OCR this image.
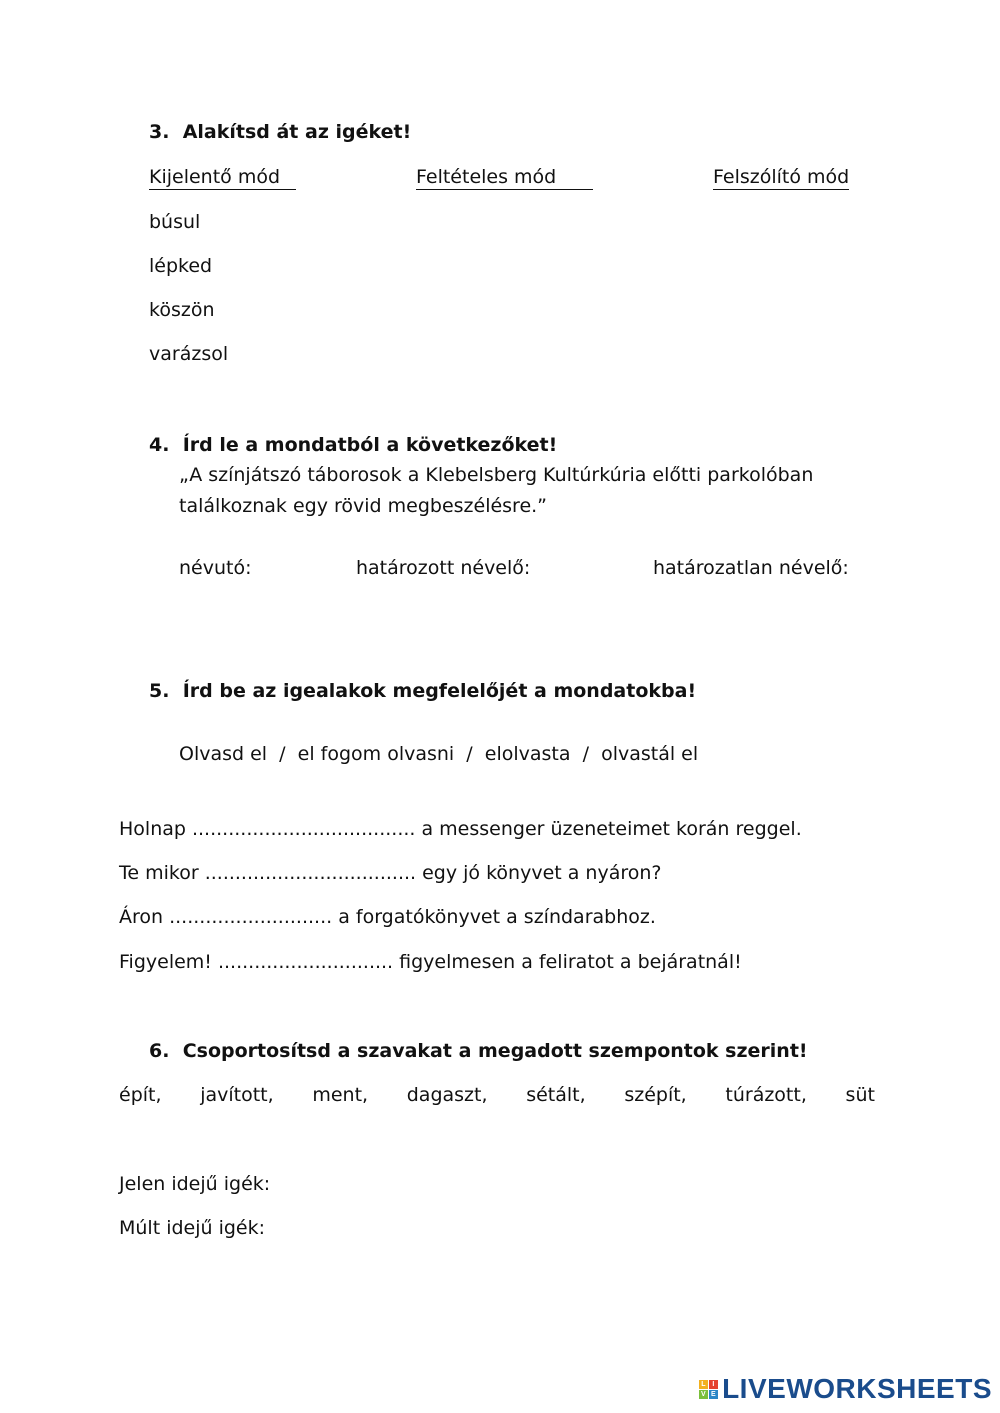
3. Alakítsd át az igéket!
Kijelentő mód	Feltételes mód	Felszólító mód
búsul
lépked
köszön
varázsol
4. Írd le a mondatból a következőket!
„A színjátszó táborosok a Klebelsberg Kultúrkúria előtti parkolóban
találkoznak egy rövid megbeszélésre.”
névutó:	határozott névelő:	határozatlan névelő:
5. Írd be az igealakok megfelelőjét a mondatokba!
Olvasd el  /  el fogom olvasni  /  elolvasta  /  olvastál el
Holnap ..................................... a messenger üzeneteimet korán reggel.
Te mikor ................................... egy jó könyvet a nyáron?
Áron ........................... a forgatókönyvet a színdarabhoz.
Figyelem! ............................. figyelmesen a feliratot a bejáratnál!
6. Csoportosítsd a szavakat a megadott szempontok szerint!
épít, javított, ment, dagaszt, sétált, szépít, túrázott, süt
Jelen idejű igék:
Múlt idejű igék:
L I
V E LIVEWORKSHEETS
